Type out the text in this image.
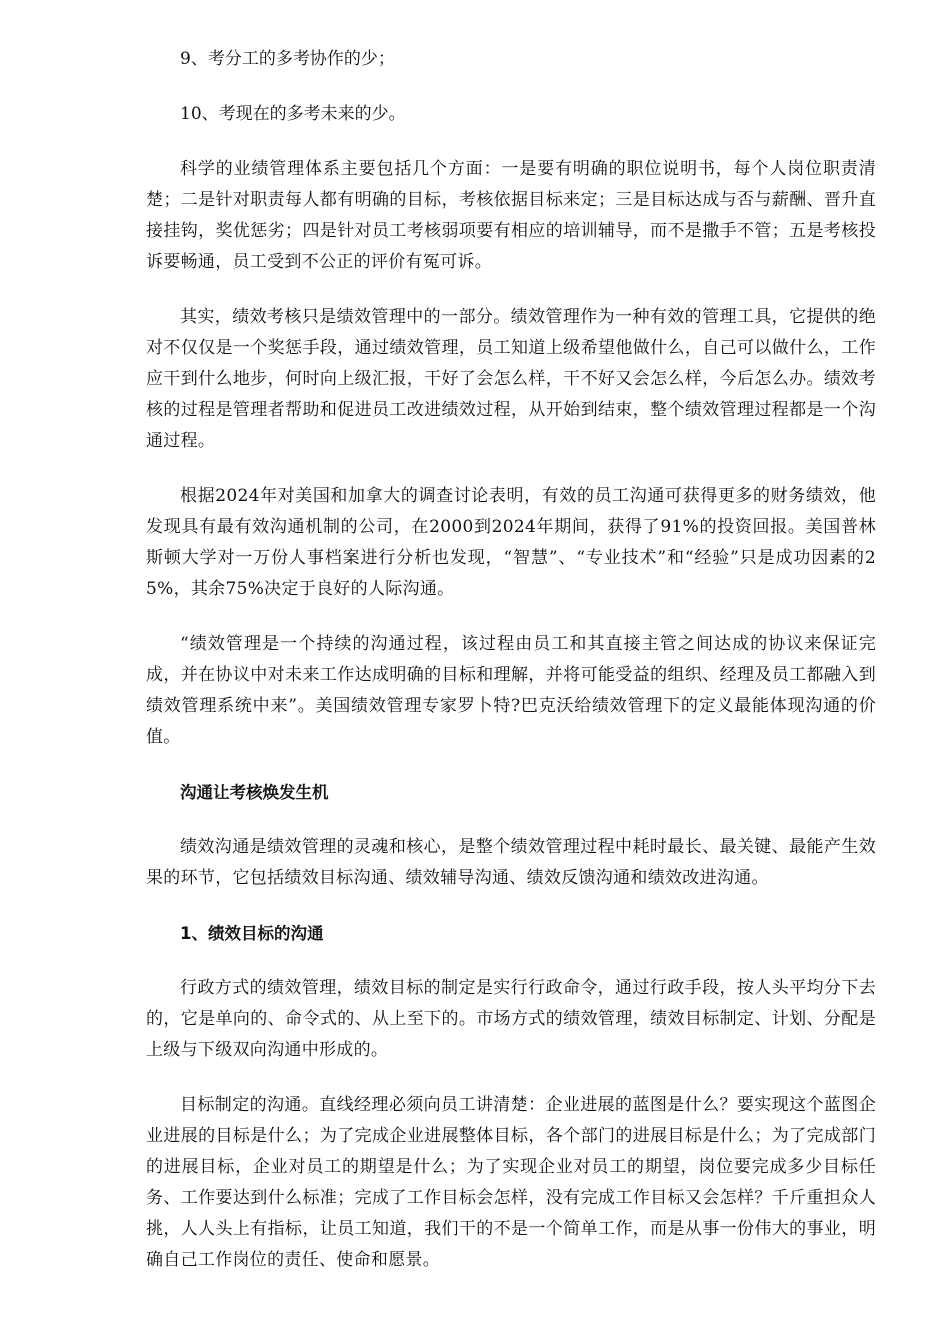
9、考分工的多考协作的少；

10、考现在的多考未来的少。

科学的业绩管理体系主要包括几个方面：一是要有明确的职位说明书，每个人岗位职责清楚；二是针对职责每人都有明确的目标，考核依据目标来定；三是目标达成与否与薪酬、晋升直接挂钩，奖优惩劣；四是针对员工考核弱项要有相应的培训辅导，而不是撒手不管；五是考核投诉要畅通，员工受到不公正的评价有冤可诉。

其实，绩效考核只是绩效管理中的一部分。绩效管理作为一种有效的管理工具，它提供的绝对不仅仅是一个奖惩手段，通过绩效管理，员工知道上级希望他做什么，自己可以做什么，工作应干到什么地步，何时向上级汇报，干好了会怎么样，干不好又会怎么样，今后怎么办。绩效考核的过程是管理者帮助和促进员工改进绩效过程，从开始到结束，整个绩效管理过程都是一个沟通过程。

根据2024年对美国和加拿大的调查讨论表明，有效的员工沟通可获得更多的财务绩效，他发现具有最有效沟通机制的公司，在2000到2024年期间，获得了91%的投资回报。美国普林斯顿大学对一万份人事档案进行分析也发现，“智慧”、“专业技术”和“经验”只是成功因素的25%，其余75%决定于良好的人际沟通。

“绩效管理是一个持续的沟通过程，该过程由员工和其直接主管之间达成的协议来保证完成，并在协议中对未来工作达成明确的目标和理解，并将可能受益的组织、经理及员工都融入到绩效管理系统中来”。美国绩效管理专家罗卜特?巴克沃给绩效管理下的定义最能体现沟通的价值。

沟通让考核焕发生机

绩效沟通是绩效管理的灵魂和核心，是整个绩效管理过程中耗时最长、最关键、最能产生效果的环节，它包括绩效目标沟通、绩效辅导沟通、绩效反馈沟通和绩效改进沟通。

1、绩效目标的沟通

行政方式的绩效管理，绩效目标的制定是实行行政命令，通过行政手段，按人头平均分下去的，它是单向的、命令式的、从上至下的。市场方式的绩效管理，绩效目标制定、计划、分配是上级与下级双向沟通中形成的。

目标制定的沟通。直线经理必须向员工讲清楚：企业进展的蓝图是什么？要实现这个蓝图企业进展的目标是什么；为了完成企业进展整体目标，各个部门的进展目标是什么；为了完成部门的进展目标，企业对员工的期望是什么；为了实现企业对员工的期望，岗位要完成多少目标任务、工作要达到什么标准；完成了工作目标会怎样，没有完成工作目标又会怎样？千斤重担众人挑，人人头上有指标，让员工知道，我们干的不是一个简单工作，而是从事一份伟大的事业，明确自己工作岗位的责任、使命和愿景。
